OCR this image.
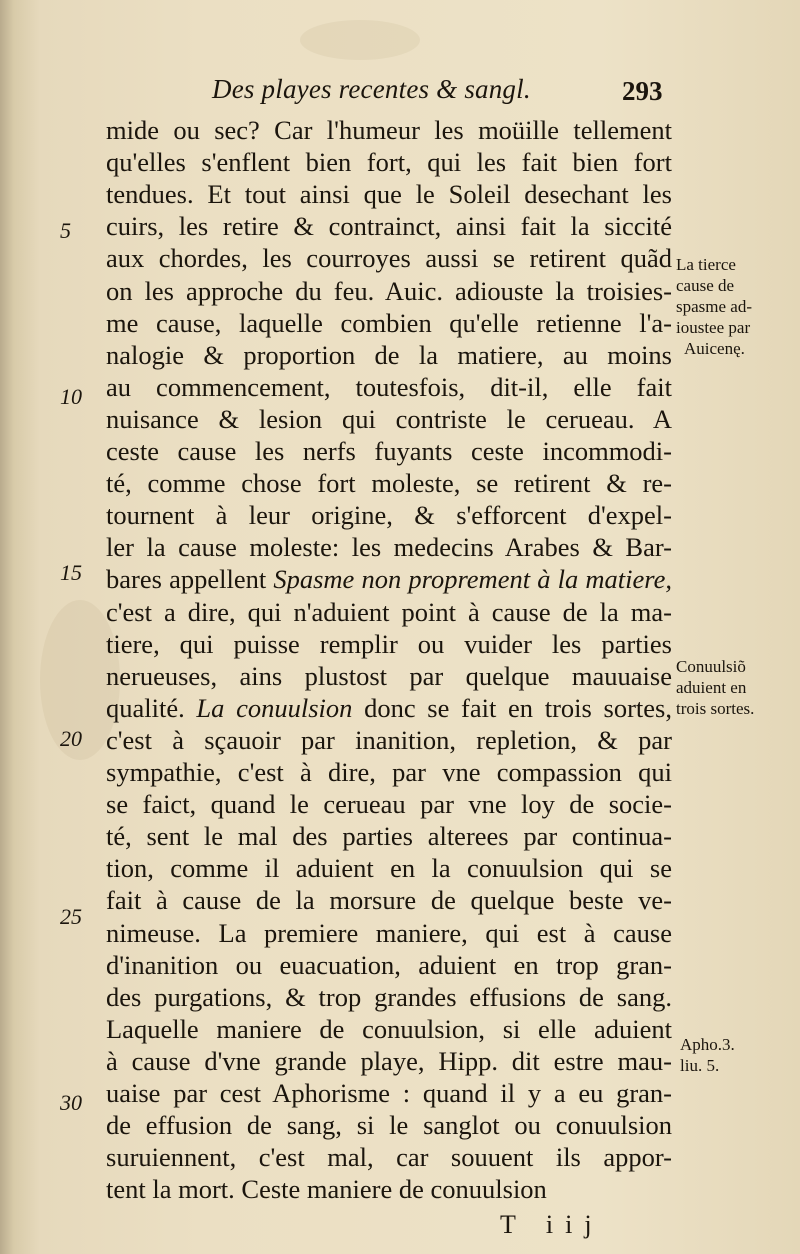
Des playes recentes & sangl.	293
mide ou sec? Car l'humeur les moüille tellement
qu'elles s'enflent bien fort, qui les fait bien fort
tendues. Et tout ainsi que le Soleil desechant les
cuirs, les retire & contrainct, ainsi fait la siccité
aux chordes, les courroyes aussi se retirent quãd
on les approche du feu. Auic. adiouste la troisies-
me cause, laquelle combien qu'elle retienne l'a-
nalogie & proportion de la matiere, au moins
au commencement, toutesfois, dit-il, elle fait
nuisance & lesion qui contriste le cerueau. A
ceste cause les nerfs fuyants ceste incommodi-
té, comme chose fort moleste, se retirent & re-
tournent à leur origine, & s'efforcent d'expel-
ler la cause moleste: les medecins Arabes & Bar-
bares appellent Spasme non proprement à la matiere,
c'est a dire, qui n'aduient point à cause de la ma-
tiere, qui puisse remplir ou vuider les parties
nerueuses, ains plustost par quelque mauuaise
qualité. La conuulsion donc se fait en trois sortes,
c'est à sçauoir par inanition, repletion, & par
sympathie, c'est à dire, par vne compassion qui
se faict, quand le cerueau par vne loy de socie-
té, sent le mal des parties alterees par continua-
tion, comme il aduient en la conuulsion qui se
fait à cause de la morsure de quelque beste ve-
nimeuse. La premiere maniere, qui est à cause
d'inanition ou euacuation, aduient en trop gran-
des purgations, & trop grandes effusions de sang.
Laquelle maniere de conuulsion, si elle aduient
à cause d'vne grande playe, Hipp. dit estre mau-
uaise par cest Aphorisme : quand il y a eu gran-
de effusion de sang, si le sanglot ou conuulsion
suruiennent, c'est mal, car souuent ils appor-
tent la mort. Ceste maniere de conuulsion
5
10
15
20
25
30
La tierce
cause de
spasme ad-
ioustee par
Auicenę.
Conuulsiõ
aduient en
trois sortes.
Apho.3.
liu. 5.
T iij
